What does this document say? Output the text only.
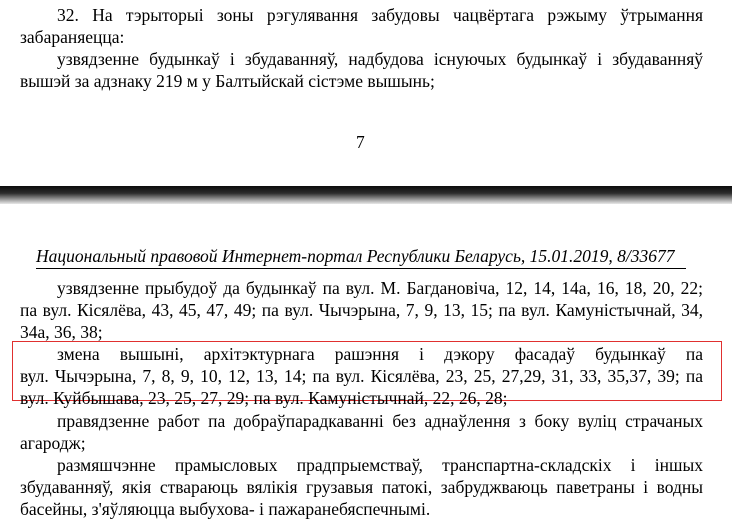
32. На тэрыторыі зоны рэгулявання забудовы чацвёртага рэжыму ўтрымання
забараняецца:
узвядзенне будынкаў і збудаванняў, надбудова існуючых будынкаў і збудаванняў
вышэй за адзнаку 219 м у Балтыйскай сістэме вышынь;
7
Национальный правовой Интернет-портал Республики Беларусь, 15.01.2019, 8/33677
узвядзенне прыбудоў да будынкаў па вул. М. Багдановіча, 12, 14, 14а, 16, 18, 20, 22;
па вул. Кісялёва, 43, 45, 47, 49; па вул. Чычэрына, 7, 9, 13, 15; па вул. Камуністычнай, 34,
34а, 36, 38;
змена вышыні, архітэктурнага рашэння і дэкору фасадаў будынкаў па
вул. Чычэрына, 7, 8, 9, 10, 12, 13, 14; па вул. Кісялёва, 23, 25, 27,29, 31, 33, 35,37, 39; па
вул. Куйбышава, 23, 25, 27, 29; па вул. Камуністычнай, 22, 26, 28;
правядзенне работ па добраўпарадкаванні без аднаўлення з боку вуліц страчаных
агародж;
размяшчэнне прамысловых прадпрыемстваў, транспартна-складскіх і іншых
збудаванняў, якія ствараюць вялікія грузавыя патокі, забруджваюць паветраны і водны
басейны, з'яўляюцца выбухова- і пажаранебяспечнымі.
